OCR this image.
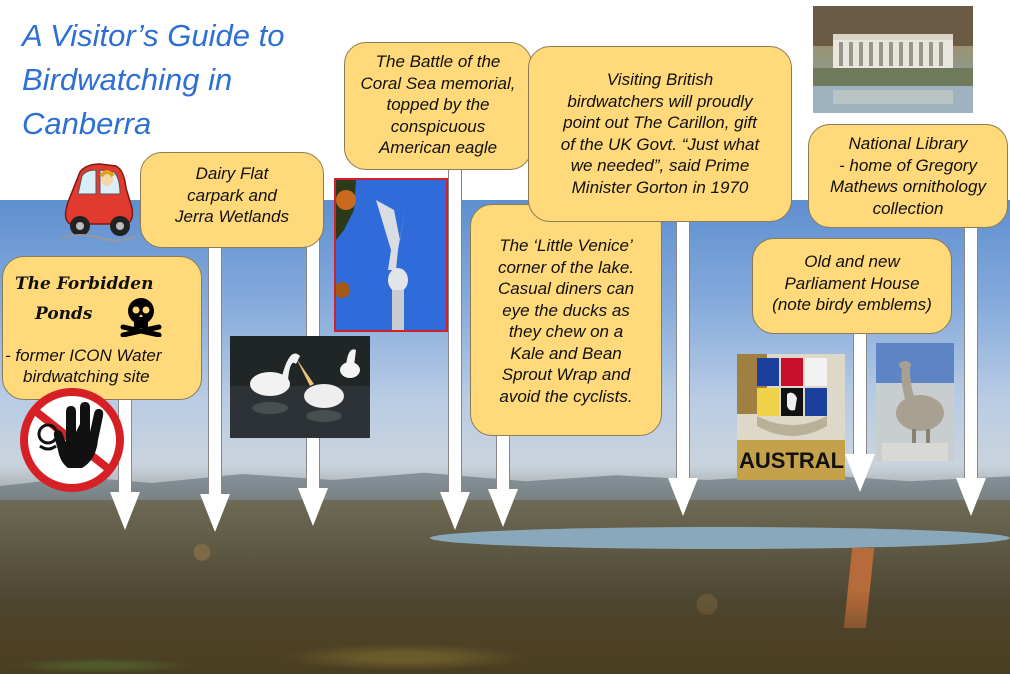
A Visitor’s Guide to
Birdwatching in
Canberra
AUSTRAL
The Forbidden
Ponds
- former ICON Water
birdwatching site
Dairy Flat
carpark and
Jerra Wetlands
The Battle of the
Coral Sea memorial,
topped by the
conspicuous
American eagle
The ‘Little Venice’
corner of the lake.
Casual diners can
eye the ducks as
they chew on a
Kale and Bean
Sprout Wrap and
avoid the cyclists.
Visiting British
birdwatchers will proudly
point out The Carillon, gift
of the UK Govt. “Just what
we needed”, said Prime
Minister Gorton in 1970
National Library
- home of Gregory
Mathews ornithology
collection
Old and new
Parliament House
(note birdy emblems)
